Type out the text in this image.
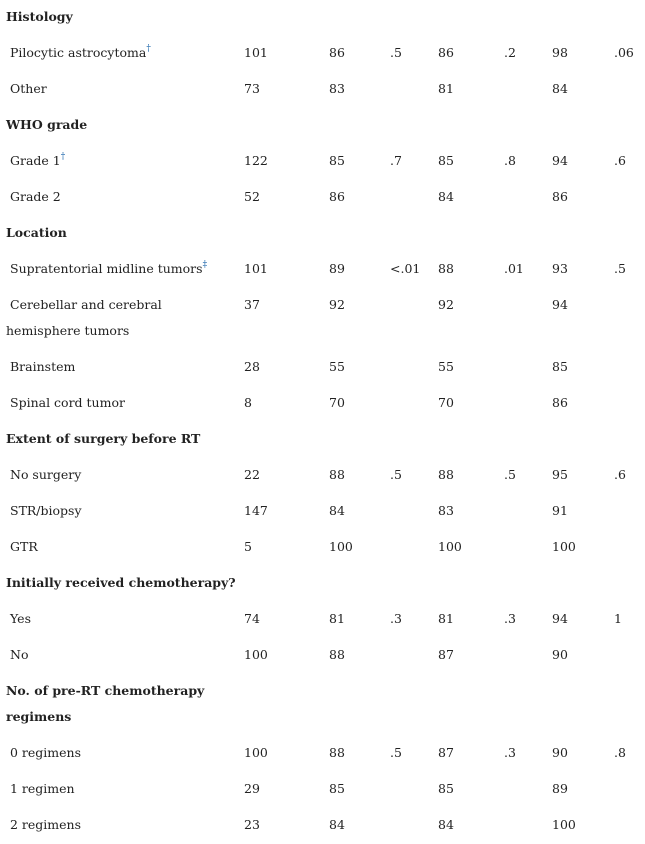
Histology							
Pilocytic astrocytoma†	101	86	.5	86	.2	98	.06
Other	73	83		81		84	
WHO grade							
Grade 1†	122	85	.7	85	.8	94	.6
Grade 2	52	86		84		86	
Location							
Supratentorial midline tumors‡	101	89	<.01	88	.01	93	.5
Cerebellar and cerebral hemisphere tumors	37	92		92		94	
Brainstem	28	55		55		85	
Spinal cord tumor	8	70		70		86	
Extent of surgery before RT							
No surgery	22	88	.5	88	.5	95	.6
STR/biopsy	147	84		83		91	
GTR	5	100		100		100	
Initially received chemotherapy?							
Yes	74	81	.3	81	.3	94	1
No	100	88		87		90	
No. of pre-RT chemotherapy regimens							
0 regimens	100	88	.5	87	.3	90	.8
1 regimen	29	85		85		89	
2 regimens	23	84		84		100	
